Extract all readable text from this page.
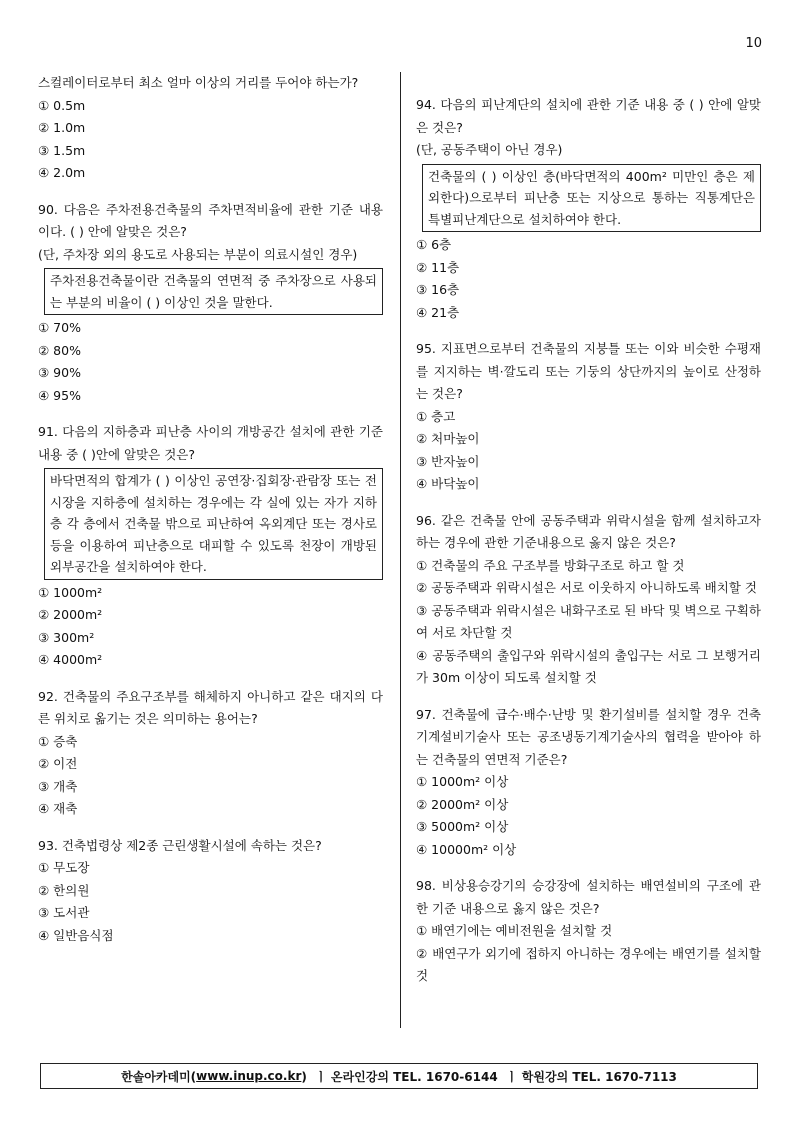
10
스컬레이터로부터 최소 얼마 이상의 거리를 두어야 하는가?
① 0.5m
② 1.0m
③ 1.5m
④ 2.0m
90. 다음은 주차전용건축물의 주차면적비율에 관한 기준 내용이다. ( ) 안에 알맞은 것은?
(단, 주차장 외의 용도로 사용되는 부분이 의료시설인 경우)
주차전용건축물이란 건축물의 연면적 중 주차장으로 사용되는 부분의 비율이 ( ) 이상인 것을 말한다.
① 70%
② 80%
③ 90%
④ 95%
91. 다음의 지하층과 피난층 사이의 개방공간 설치에 관한 기준 내용 중 ( )안에 알맞은 것은?
바닥면적의 합계가 ( ) 이상인 공연장·집회장·관람장 또는 전시장을 지하층에 설치하는 경우에는 각 실에 있는 자가 지하층 각 층에서 건축물 밖으로 피난하여 옥외계단 또는 경사로 등을 이용하여 피난층으로 대피할 수 있도록 천장이 개방된 외부공간을 설치하여야 한다.
① 1000m²
② 2000m²
③ 300m²
④ 4000m²
92. 건축물의 주요구조부를 해체하지 아니하고 같은 대지의 다른 위치로 옮기는 것은 의미하는 용어는?
① 증축
② 이전
③ 개축
④ 재축
93. 건축법령상 제2종 근린생활시설에 속하는 것은?
① 무도장
② 한의원
③ 도서관
④ 일반음식점
94. 다음의 피난계단의 설치에 관한 기준 내용 중 ( ) 안에 알맞은 것은?
(단, 공동주택이 아닌 경우)
건축물의 ( ) 이상인 층(바닥면적의 400m² 미만인 층은 제외한다)으로부터 피난층 또는 지상으로 통하는 직통계단은 특별피난계단으로 설치하여야 한다.
① 6층
② 11층
③ 16층
④ 21층
95. 지표면으로부터 건축물의 지붕틀 또는 이와 비슷한 수평재를 지지하는 벽·깔도리 또는 기둥의 상단까지의 높이로 산정하는 것은?
① 층고
② 처마높이
③ 반자높이
④ 바닥높이
96. 같은 건축물 안에 공동주택과 위락시설을 함께 설치하고자 하는 경우에 관한 기준내용으로 옳지 않은 것은?
① 건축물의 주요 구조부를 방화구조로 하고 할 것
② 공동주택과 위락시설은 서로 이웃하지 아니하도록 배치할 것
③ 공동주택과 위락시설은 내화구조로 된 바닥 및 벽으로 구획하여 서로 차단할 것
④ 공동주택의 출입구와 위락시설의 출입구는 서로 그 보행거리가 30m 이상이 되도록 설치할 것
97. 건축물에 급수·배수·난방 및 환기설비를 설치할 경우 건축기계설비기술사 또는 공조냉동기계기술사의 협력을 받아야 하는 건축물의 연면적 기준은?
① 1000m² 이상
② 2000m² 이상
③ 5000m² 이상
④ 10000m² 이상
98. 비상용승강기의 승강장에 설치하는 배연설비의 구조에 관한 기준 내용으로 옳지 않은 것은?
① 배연기에는 예비전원을 설치할 것
② 배연구가 외기에 접하지 아니하는 경우에는 배연기를 설치할 것
한솔아카데미( www.inup.co.kr )  ㅣ 온라인강의 TEL. 1670-6144  ㅣ 학원강의 TEL. 1670-7113
